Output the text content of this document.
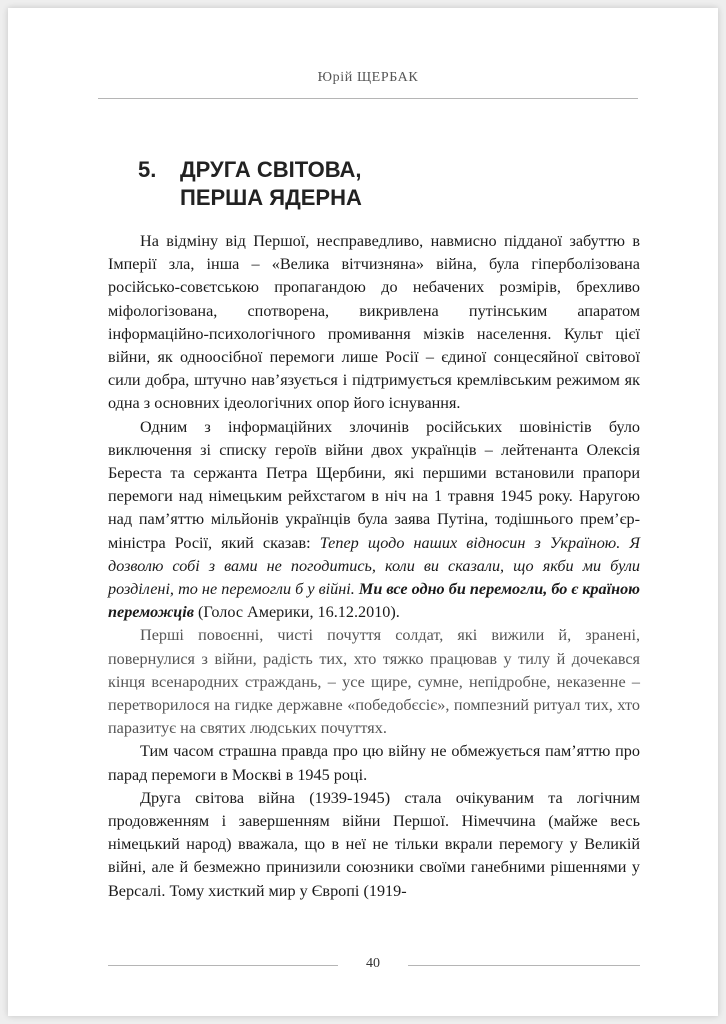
Юрій ЩЕРБАК
5. ДРУГА СВІТОВА,
ПЕРША ЯДЕРНА

На відміну від Першої, несправедливо, навмисно підданої забуттю в Імперії зла, інша – «Велика вітчизняна» війна, була гіперболізована російсько-совєтською пропагандою до небачених розмірів, брехливо міфологізована, спотворена, викривлена путінським апаратом інформаційно-психологічного промивання мізків населення. Культ цієї війни, як одноосібної перемоги лише Росії – єдиної сонцесяйної світової сили добра, штучно нав’язується і підтримується кремлівським режимом як одна з основних ідеологічних опор його існування.

Одним з інформаційних злочинів російських шовіністів було виключення зі списку героїв війни двох українців – лейтенанта Олексія Береста та сержанта Петра Щербини, які першими встановили прапори перемоги над німецьким рейхстагом в ніч на 1 травня 1945 року. Наругою над пам’яттю мільйонів українців була заява Путіна, тодішнього прем’єр-міністра Росії, який сказав: Тепер щодо наших відносин з Україною. Я дозволю собі з вами не погодитись, коли ви сказали, що якби ми були розділені, то не перемогли б у війні. Ми все одно би перемогли, бо є країною переможців (Голос Америки, 16.12.2010).

Перші повоєнні, чисті почуття солдат, які вижили й, зранені, повернулися з війни, радість тих, хто тяжко працював у тилу й дочекався кінця всенародних страждань, – усе щире, сумне, непідробне, неказенне – перетворилося на гидке державне «победобєсіє», помпезний ритуал тих, хто паразитує на святих людських почуттях.

Тим часом страшна правда про цю війну не обмежується пам’яттю про парад перемоги в Москві в 1945 році.

Друга світова війна (1939-1945) стала очікуваним та логічним продовженням і завершенням війни Першої. Німеччина (майже весь німецький народ) вважала, що в неї не тільки вкрали перемогу у Великій війні, але й безмежно принизили союзники своїми ганебними рішеннями у Версалі. Тому хисткий мир у Європі (1919-

40
